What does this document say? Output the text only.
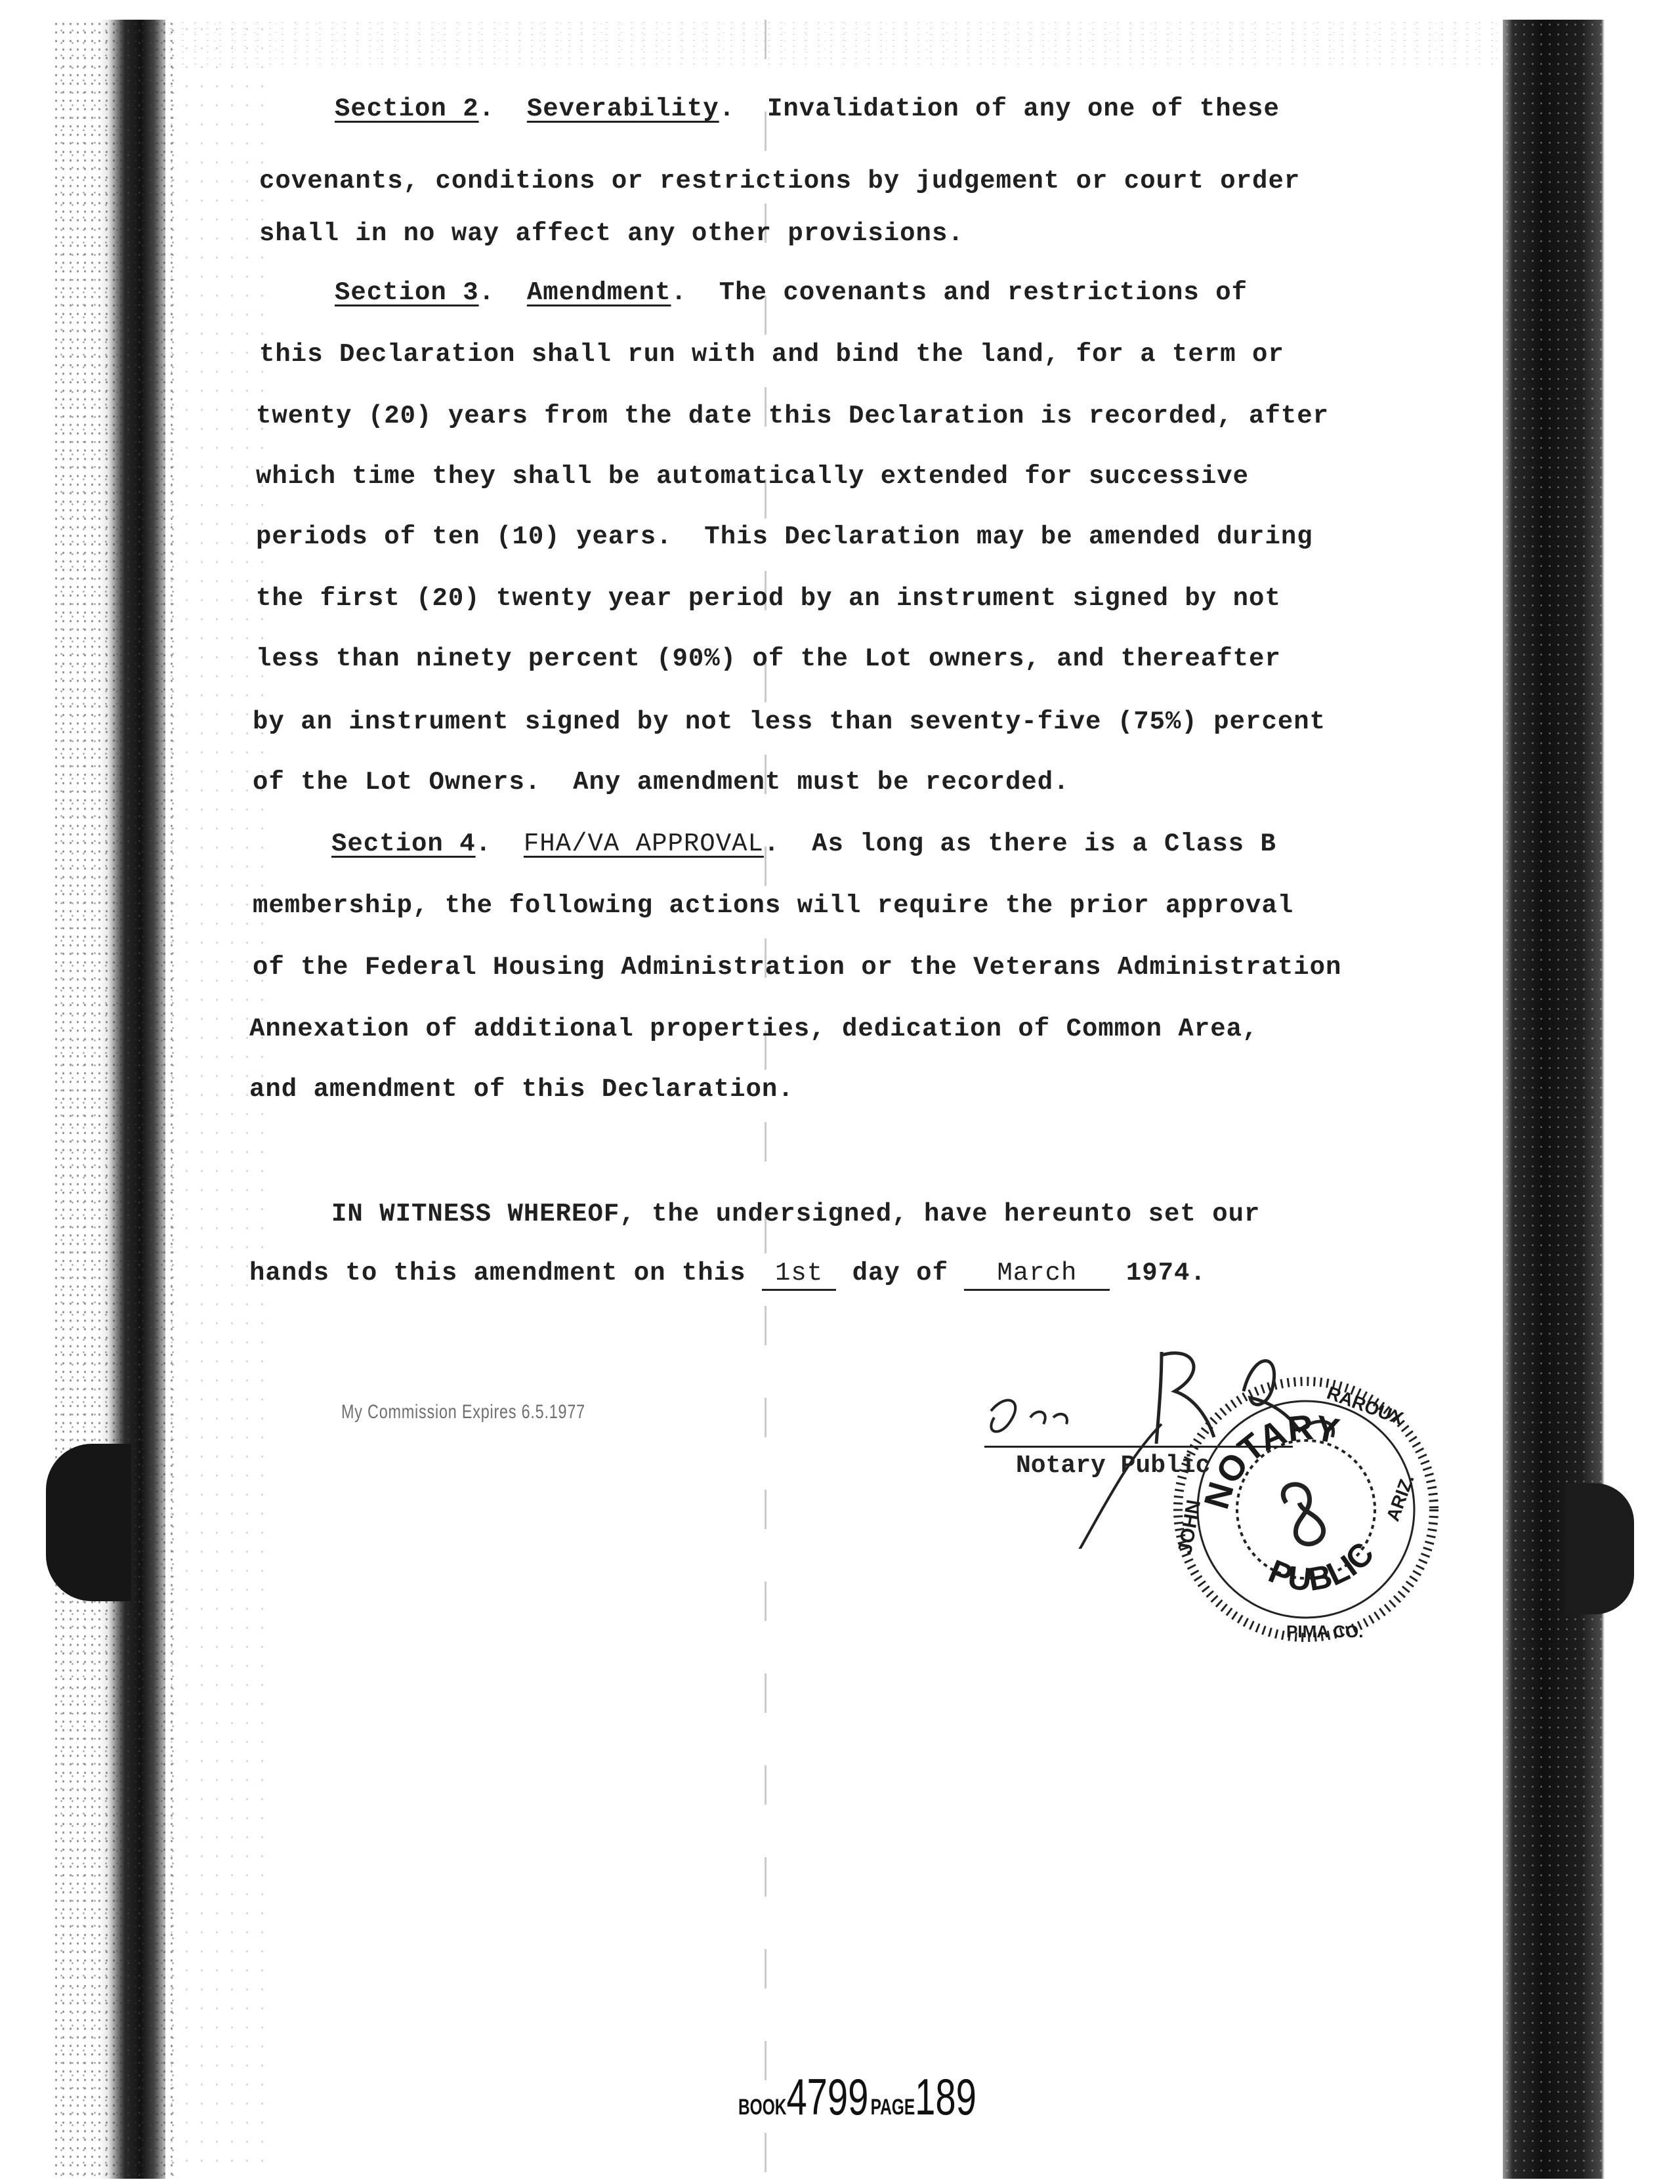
Section 2.  Severability.  Invalidation of any one of these
covenants, conditions or restrictions by judgement or court order
shall in no way affect any other provisions.
Section 3.  Amendment.  The covenants and restrictions of
this Declaration shall run with and bind the land, for a term or
twenty (20) years from the date this Declaration is recorded, after
which time they shall be automatically extended for successive
periods of ten (10) years.  This Declaration may be amended during
the first (20) twenty year period by an instrument signed by not
less than ninety percent (90%) of the Lot owners, and thereafter
by an instrument signed by not less than seventy-five (75%) percent
of the Lot Owners.  Any amendment must be recorded.
Section 4.  FHA/VA APPROVAL.  As long as there is a Class B
membership, the following actions will require the prior approval
of the Federal Housing Administration or the Veterans Administration
Annexation of additional properties, dedication of Common Area,
and amendment of this Declaration.
IN WITNESS WHEREOF, the undersigned, have hereunto set our
hands to this amendment on this 1st day of March 1974.
My Commission Expires 6.5.1977
Notary Public
NOTARY
PUBLIC
JOHN
RAROUX
ARIZ.
PIMA CO.
BOOK4799 PAGE189
